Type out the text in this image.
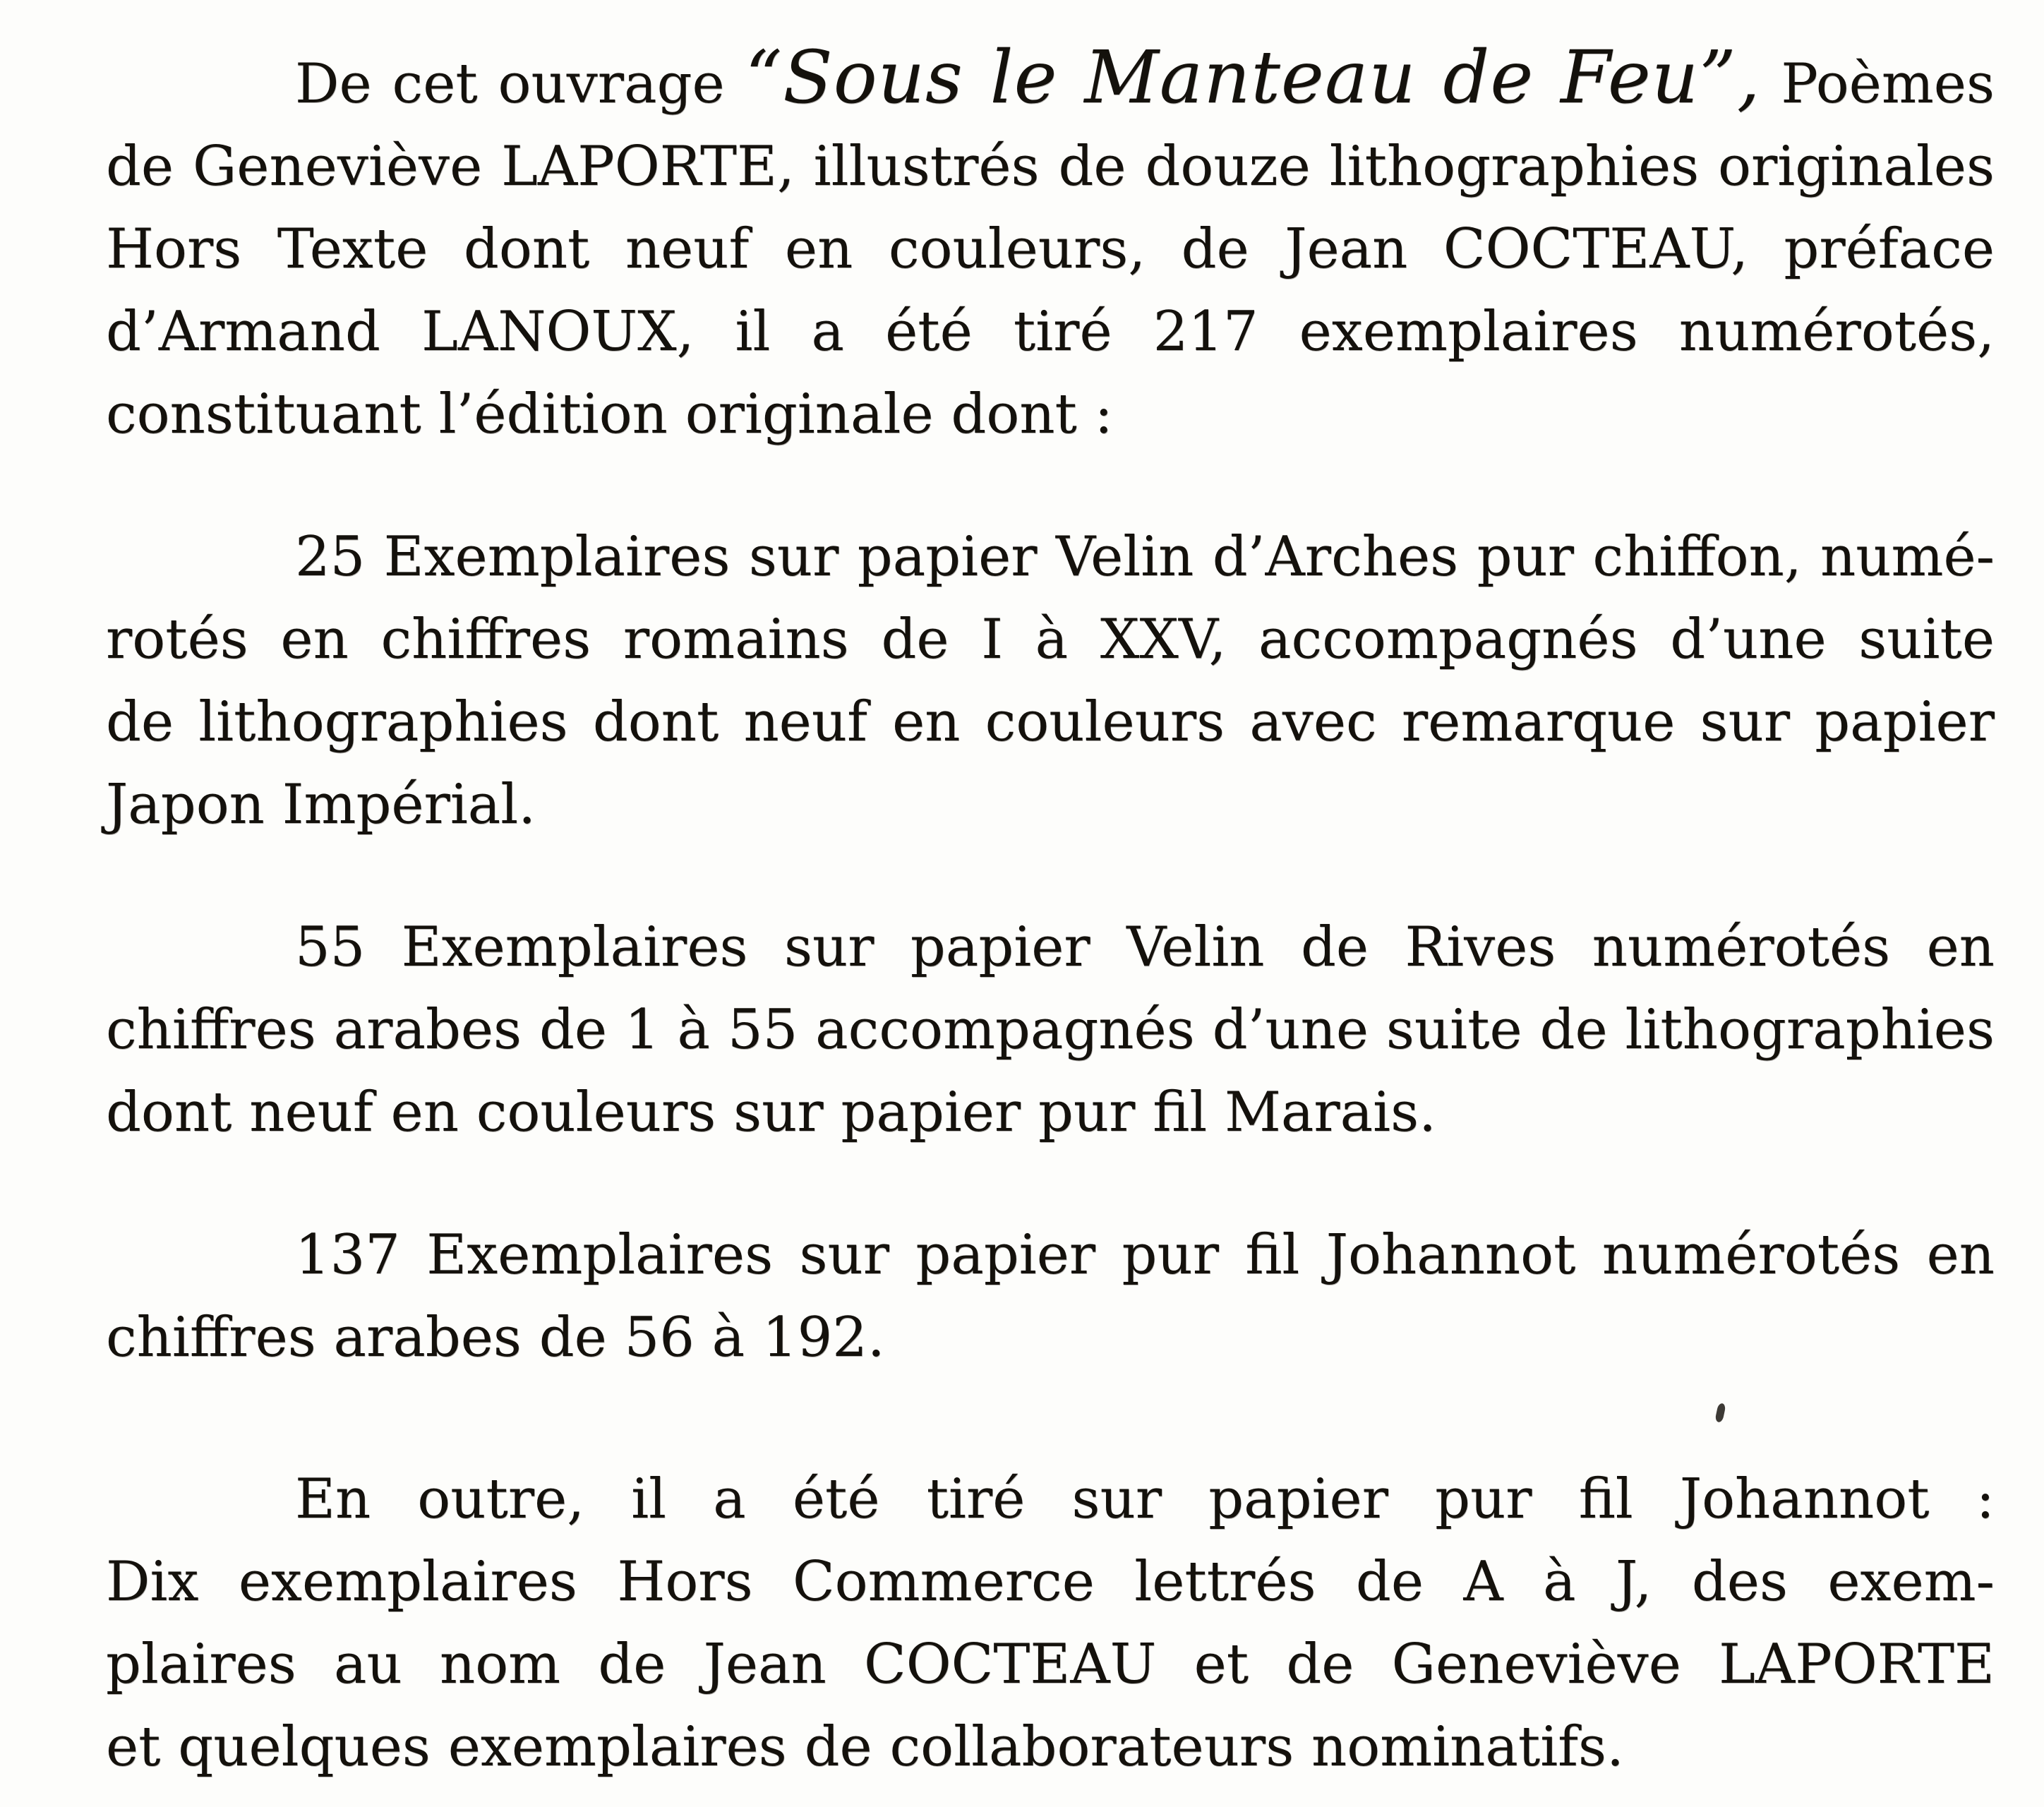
De cet ouvrage “Sous le Manteau de Feu”, Poèmes
de Geneviève LAPORTE, illustrés de douze lithographies originales
Hors Texte dont neuf en couleurs, de Jean COCTEAU, préface
d’Armand LANOUX, il a été tiré 217 exemplaires numérotés,
constituant l’édition originale dont :
25 Exemplaires sur papier Velin d’Arches pur chiffon, numé-
rotés en chiffres romains de I à XXV, accompagnés d’une suite
de lithographies dont neuf en couleurs avec remarque sur papier
Japon Impérial.
55 Exemplaires sur papier Velin de Rives numérotés en
chiffres arabes de 1 à 55 accompagnés d’une suite de lithographies
dont neuf en couleurs sur papier pur fil Marais.
137 Exemplaires sur papier pur fil Johannot numérotés en
chiffres arabes de 56 à 192.
En outre, il a été tiré sur papier pur fil Johannot :
Dix exemplaires Hors Commerce lettrés de A à J, des exem-
plaires au nom de Jean COCTEAU et de Geneviève LAPORTE
et quelques exemplaires de collaborateurs nominatifs.
